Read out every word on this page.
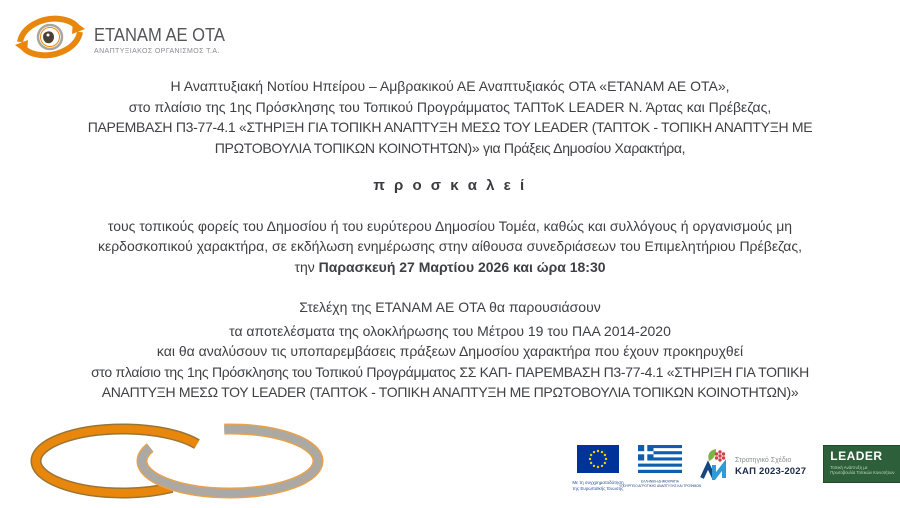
ETANAM AE OTA
ΑΝΑΠΤΥΞΙΑΚΟΣ ΟΡΓΑΝΙΣΜΟΣ Τ.Α.
Η Αναπτυξιακή Νοτίου Ηπείρου – Αμβρακικού ΑΕ Αναπτυξιακός ΟΤΑ «ΕΤΑΝΑΜ ΑΕ ΟΤΑ»,
στο πλαίσιο της 1ης Πρόσκλησης του Τοπικού Προγράμματος ΤΑΠΤοΚ LEADER Ν. Άρτας και Πρέβεζας,
ΠΑΡΕΜΒΑΣΗ Π3-77-4.1 «ΣΤΗΡΙΞΗ ΓΙΑ ΤΟΠΙΚΗ ΑΝΑΠΤΥΞΗ ΜΕΣΩ ΤΟΥ LEADER (ΤΑΠΤΟΚ - ΤΟΠΙΚΗ ΑΝΑΠΤΥΞΗ ΜΕ
ΠΡΩΤΟΒΟΥΛΙΑ ΤΟΠΙΚΩΝ ΚΟΙΝΟΤΗΤΩΝ)» για Πράξεις Δημοσίου Χαρακτήρα,
π ρ ο σ κ α λ ε ί
τους τοπικούς φορείς του Δημοσίου ή του ευρύτερου Δημοσίου Τομέα, καθώς και συλλόγους ή οργανισμούς μη
κερδοσκοπικού χαρακτήρα, σε εκδήλωση ενημέρωσης στην αίθουσα συνεδριάσεων του Επιμελητήριου Πρέβεζας,
την Παρασκευή 27 Μαρτίου 2026 και ώρα 18:30
Στελέχη της ΕΤΑΝΑΜ ΑΕ ΟΤΑ θα παρουσιάσουν
τα αποτελέσματα της ολοκλήρωσης του Μέτρου 19 του ΠΑΑ 2014-2020
και θα αναλύσουν τις υποπαρεμβάσεις πράξεων Δημοσίου χαρακτήρα που έχουν προκηρυχθεί
στο πλαίσιο της 1ης Πρόσκλησης του Τοπικού Προγράμματος ΣΣ ΚΑΠ- ΠΑΡΕΜΒΑΣΗ Π3-77-4.1 «ΣΤΗΡΙΞΗ ΓΙΑ ΤΟΠΙΚΗ
ΑΝΑΠΤΥΞΗ ΜΕΣΩ ΤΟΥ LEADER (ΤΑΠΤΟΚ - ΤΟΠΙΚΗ ΑΝΑΠΤΥΞΗ ΜΕ ΠΡΩΤΟΒΟΥΛΙΑ ΤΟΠΙΚΩΝ ΚΟΙΝΟΤΗΤΩΝ)»
Με τη συγχρηματοδότηση
της Ευρωπαϊκής Ένωσης
ΕΛΛΗΝΙΚΗ ΔΗΜΟΚΡΑΤΙΑ
ΥΠΟΥΡΓΕΙΟ ΑΓΡΟΤΙΚΗΣ ΑΝΑΠΤΥΞΗΣ ΚΑΙ ΤΡΟΦΙΜΩΝ
Στρατηγικό Σχέδιο
ΚΑΠ 2023-2027
LEADER
Τοπική Ανάπτυξη με
Πρωτοβουλία Τοπικών Κοινοτήτων
